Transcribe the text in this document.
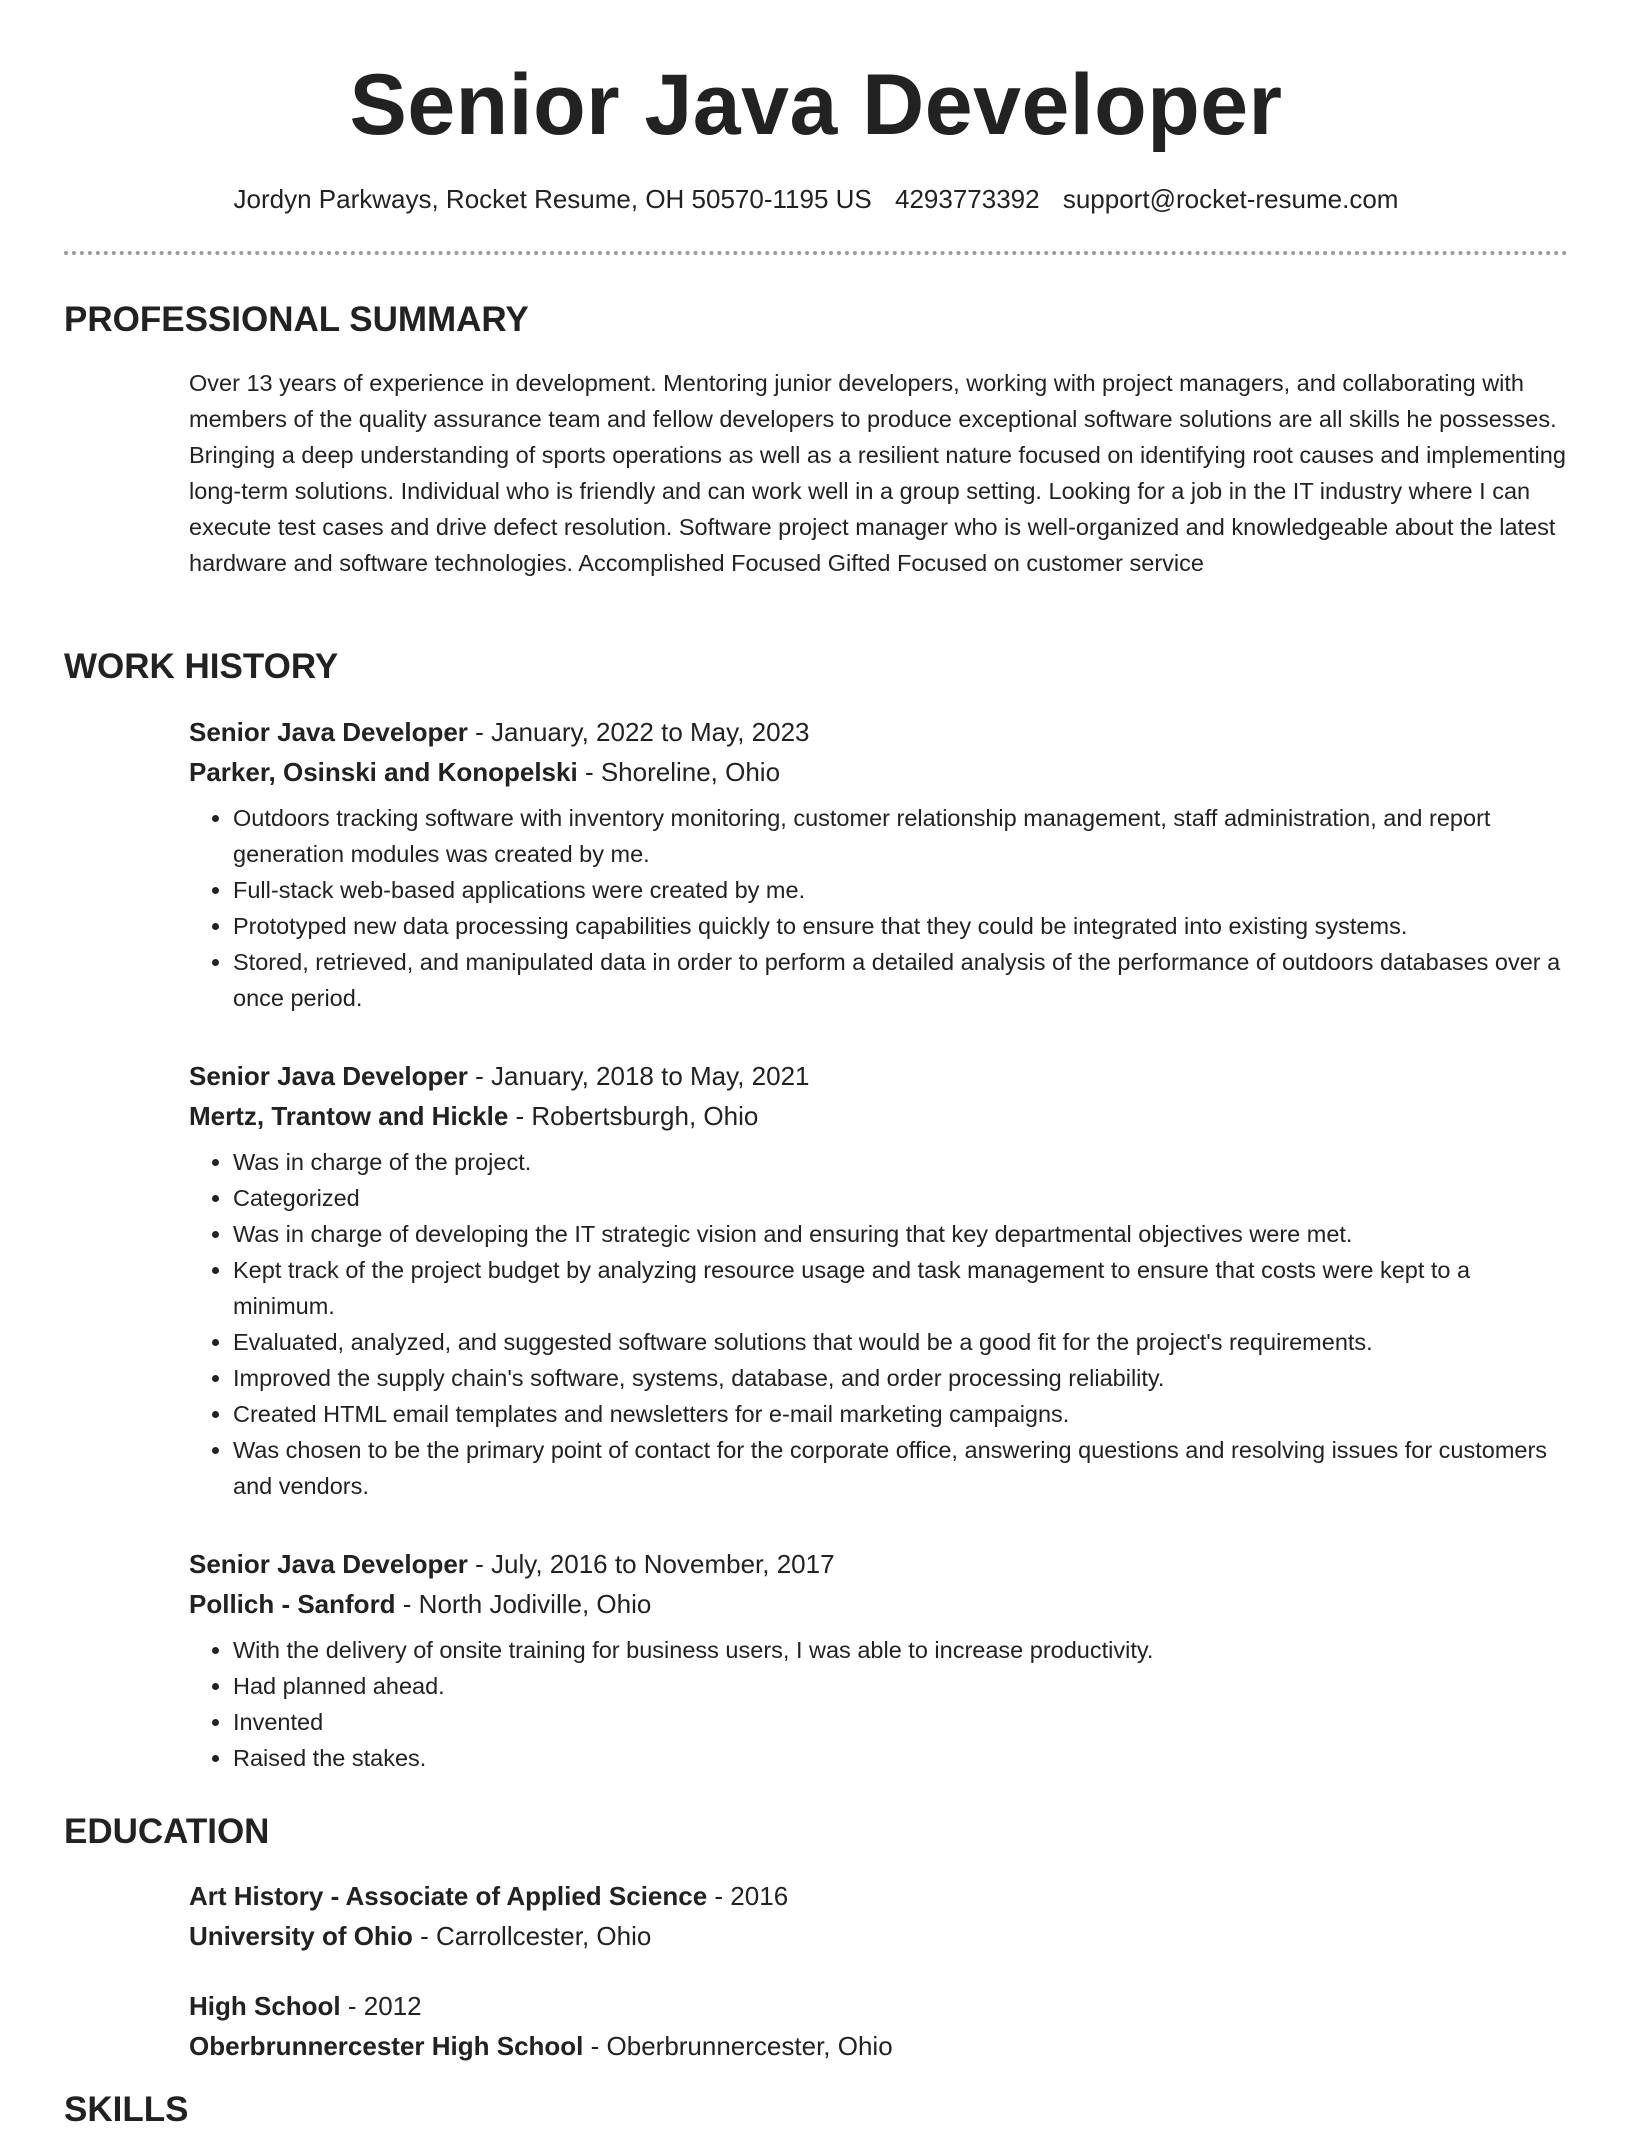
Senior Java Developer
Jordyn Parkways, Rocket Resume, OH 50570-1195 US 4293773392 support@rocket-resume.com
PROFESSIONAL SUMMARY

Over 13 years of experience in development. Mentoring junior developers, working with project managers, and collaborating with members of the quality assurance team and fellow developers to produce exceptional software solutions are all skills he possesses. Bringing a deep understanding of sports operations as well as a resilient nature focused on identifying root causes and implementing long-term solutions. Individual who is friendly and can work well in a group setting. Looking for a job in the IT industry where I can execute test cases and drive defect resolution. Software project manager who is well-organized and knowledgeable about the latest hardware and software technologies. Accomplished Focused Gifted Focused on customer service

WORK HISTORY
Senior Java Developer - January, 2022 to May, 2023
Parker, Osinski and Konopelski - Shoreline, Ohio
• Outdoors tracking software with inventory monitoring, customer relationship management, staff administration, and report generation modules was created by me.
• Full-stack web-based applications were created by me.
• Prototyped new data processing capabilities quickly to ensure that they could be integrated into existing systems.
• Stored, retrieved, and manipulated data in order to perform a detailed analysis of the performance of outdoors databases over a once period.
Senior Java Developer - January, 2018 to May, 2021
Mertz, Trantow and Hickle - Robertsburgh, Ohio
• Was in charge of the project.
• Categorized
• Was in charge of developing the IT strategic vision and ensuring that key departmental objectives were met.
• Kept track of the project budget by analyzing resource usage and task management to ensure that costs were kept to a minimum.
• Evaluated, analyzed, and suggested software solutions that would be a good fit for the project's requirements.
• Improved the supply chain's software, systems, database, and order processing reliability.
• Created HTML email templates and newsletters for e-mail marketing campaigns.
• Was chosen to be the primary point of contact for the corporate office, answering questions and resolving issues for customers and vendors.
Senior Java Developer - July, 2016 to November, 2017
Pollich - Sanford - North Jodiville, Ohio
• With the delivery of onsite training for business users, I was able to increase productivity.
• Had planned ahead.
• Invented
• Raised the stakes.
EDUCATION
Art History - Associate of Applied Science - 2016
University of Ohio - Carrollcester, Ohio
High School - 2012
Oberbrunnercester High School - Oberbrunnercester, Ohio
SKILLS
